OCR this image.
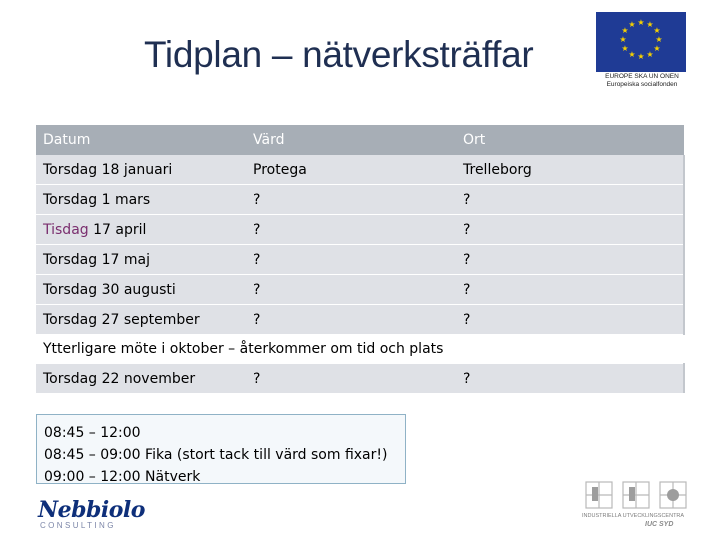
Tidplan – nätverksträffar
★ ★
★
★
★
★
★
★
★
★
★
★
EUROPE SKA UN ONEN
Europeiska socialfonden
Datum	Värd	Ort
Torsdag 18 januari	Protega	Trelleborg
Torsdag 1 mars	?	?
Tisdag 17 april	?	?
Torsdag 17 maj	?	?
Torsdag 30 augusti	?	?
Torsdag 27 september	?	?
Ytterligare möte i oktober – återkommer om tid och plats		
Torsdag 22 november	?	?
08:45 – 12:00
08:45 – 09:00 Fika (stort tack till värd som fixar!)
09:00 – 12:00 Nätverk
Nebbiolo
CONSULTING
INDUSTRIELLA UTVECKLINGSCENTRA
IUC SYD
